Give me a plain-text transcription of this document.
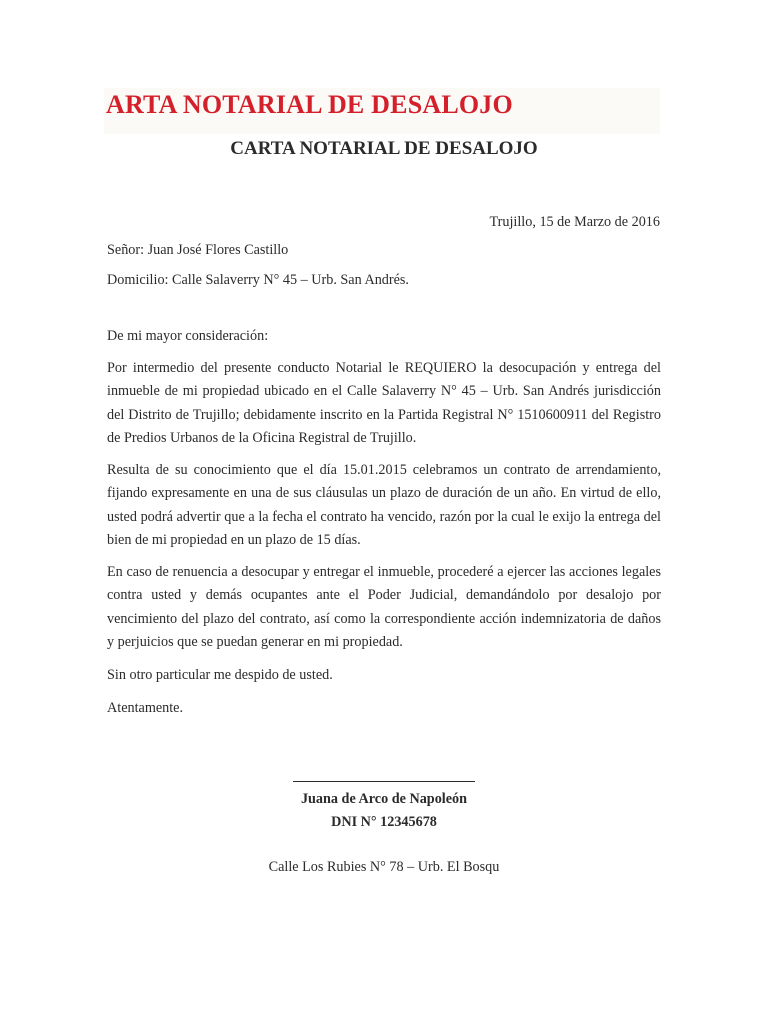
ARTA NOTARIAL DE DESALOJO
CARTA NOTARIAL DE DESALOJO
Trujillo, 15 de Marzo de 2016
Señor: Juan José Flores Castillo
Domicilio: Calle Salaverry N° 45 – Urb. San Andrés.
De mi mayor consideración:
Por intermedio del presente conducto Notarial le REQUIERO la desocupación y entrega del inmueble de mi propiedad ubicado en el Calle Salaverry N° 45 – Urb. San Andrés jurisdicción del Distrito de Trujillo; debidamente inscrito en la Partida Registral N° 1510600911 del Registro de Predios Urbanos de la Oficina Registral de Trujillo.
Resulta de su conocimiento que el día 15.01.2015 celebramos un contrato de arrendamiento, fijando expresamente en una de sus cláusulas un plazo de duración de un año. En virtud de ello, usted podrá advertir que a la fecha el contrato ha vencido, razón por la cual le exijo la entrega del bien de mi propiedad en un plazo de 15 días.
En caso de renuencia a desocupar y entregar el inmueble, procederé a ejercer las acciones legales contra usted y demás ocupantes ante el Poder Judicial, demandándolo por desalojo por vencimiento del plazo del contrato, así como la correspondiente acción indemnizatoria de daños y perjuicios que se puedan generar en mi propiedad.
Sin otro particular me despido de usted.
Atentamente.
Juana de Arco de Napoleón
DNI N° 12345678
Calle Los Rubies N° 78 – Urb. El Bosqu
